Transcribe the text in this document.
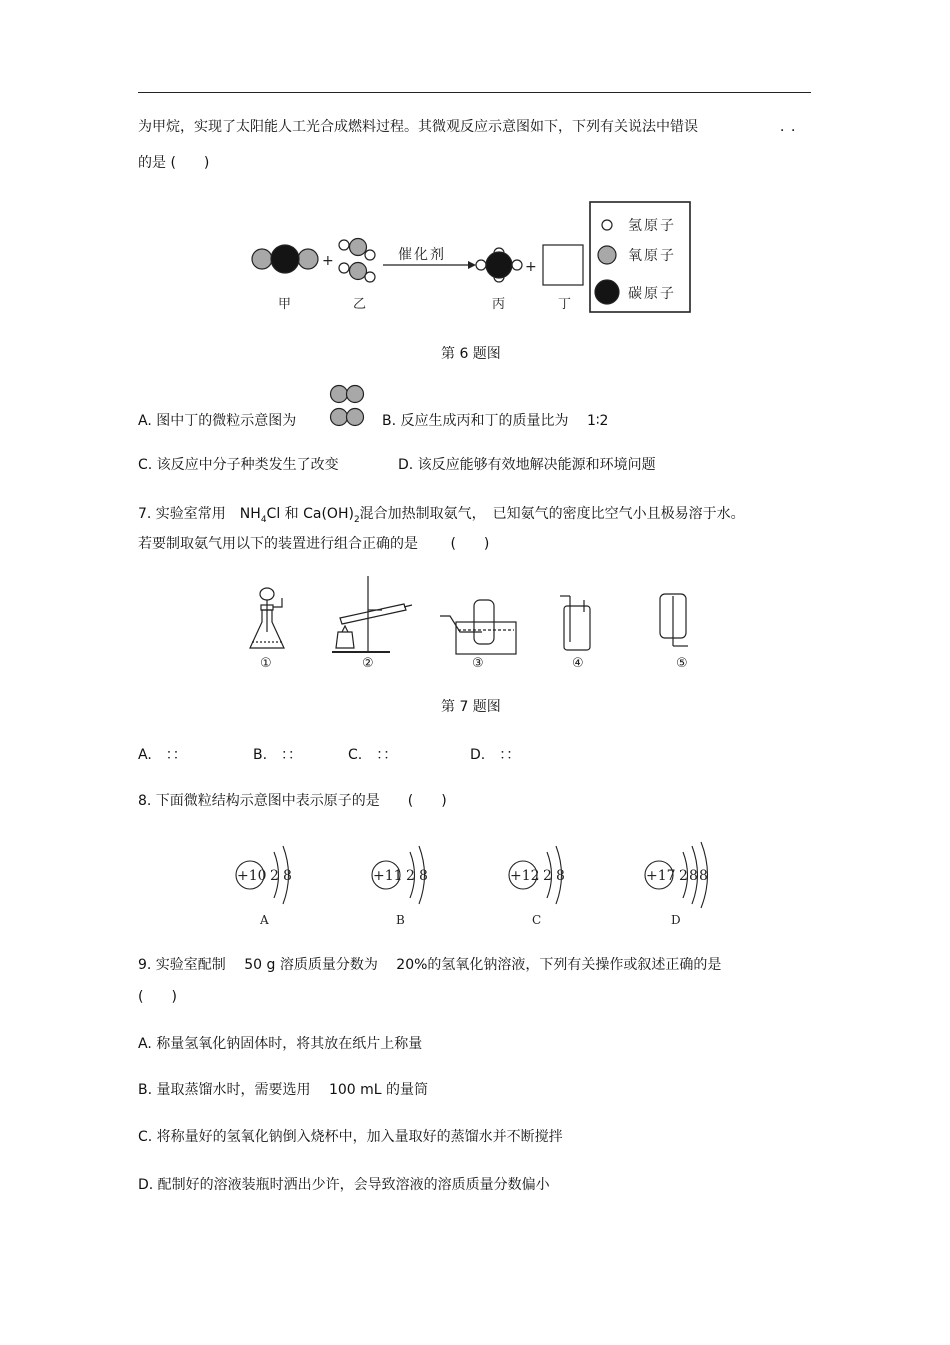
为甲烷，实现了太阳能人工光合成燃料过程。其微观反应示意图如下，下列有关说法中错误	．．
的是 (　　)
+	催化剂
+
氢原子
氧原子
碳原子
甲	乙	丙	丁
第 6 题图
A. 图中丁的微粒示意图为	B. 反应生成丙和丁的质量比为　 1∶2
C. 该反应中分子种类发生了改变	D. 该反应能够有效地解决能源和环境问题
7. 实验室常用　$NH_4Cl$ 和 $Ca(OH)_2$混合加热制取氨气，　已知氨气的密度比空气小且极易溶于水。
若要制取氨气用以下的装置进行组合正确的是　　 (　　)
①	②	③	④	⑤
第 7 题图
A.　：：	B.　：：	C.　：：	D.　：：
8. 下面微粒结构示意图中表示原子的是　　(　　)
+10 2 8
A
+11 2 8
B
+12 2 8
C
+17 2 8 8
D
9. 实验室配制　 50 g 溶质质量分数为　 20%的氢氧化钠溶液，下列有关操作或叙述正确的是
(　　)
A. 称量氢氧化钠固体时，将其放在纸片上称量
B. 量取蒸馏水时，需要选用　 100 mL 的量筒
C. 将称量好的氢氧化钠倒入烧杯中，加入量取好的蒸馏水并不断搅拌
D. 配制好的溶液装瓶时洒出少许，会导致溶液的溶质质量分数偏小
